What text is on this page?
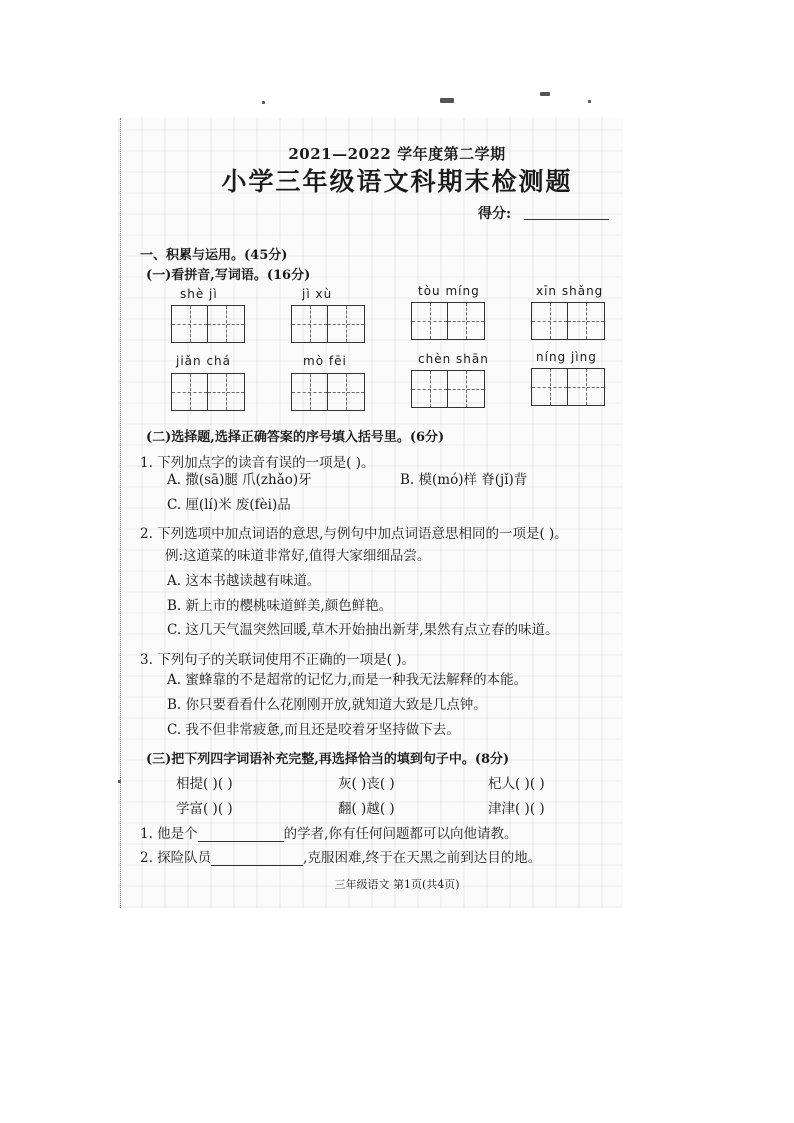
2021—2022 学年度第二学期
小学三年级语文科期末检测题
得分:
一、积累与运用。(45分)
(一)看拼音,写词语。(16分)
shè jì	jì xù	tòu míng	xīn shǎng
jiǎn chá	mò fēi	chèn shān	níng jìng
(二)选择题,选择正确答案的序号填入括号里。(6分)
1. 下列加点字的读音有误的一项是( )。
A. 撒(sā)腿 爪(zhǎo)牙	B. 模(mó)样 脊(jǐ)背
C. 厘(lí)米 废(fèi)品
2. 下列选项中加点词语的意思,与例句中加点词语意思相同的一项是( )。
例:这道菜的味道非常好,值得大家细细品尝。
A. 这本书越读越有味道。
B. 新上市的樱桃味道鲜美,颜色鲜艳。
C. 这几天气温突然回暖,草木开始抽出新芽,果然有点立春的味道。
3. 下列句子的关联词使用不正确的一项是( )。
A. 蜜蜂靠的不是超常的记忆力,而是一种我无法解释的本能。
B. 你只要看看什么花刚刚开放,就知道大致是几点钟。
C. 我不但非常疲惫,而且还是咬着牙坚持做下去。
(三)把下列四字词语补充完整,再选择恰当的填到句子中。(8分)
相提( )( )	灰( )丧( )	杞人( )( )
学富( )( )	翻( )越( )	津津( )( )
1. 他是个	的学者,你有任何问题都可以向他请教。
2. 探险队员	,克服困难,终于在天黑之前到达目的地。
三年级语文 第1页(共4页)
